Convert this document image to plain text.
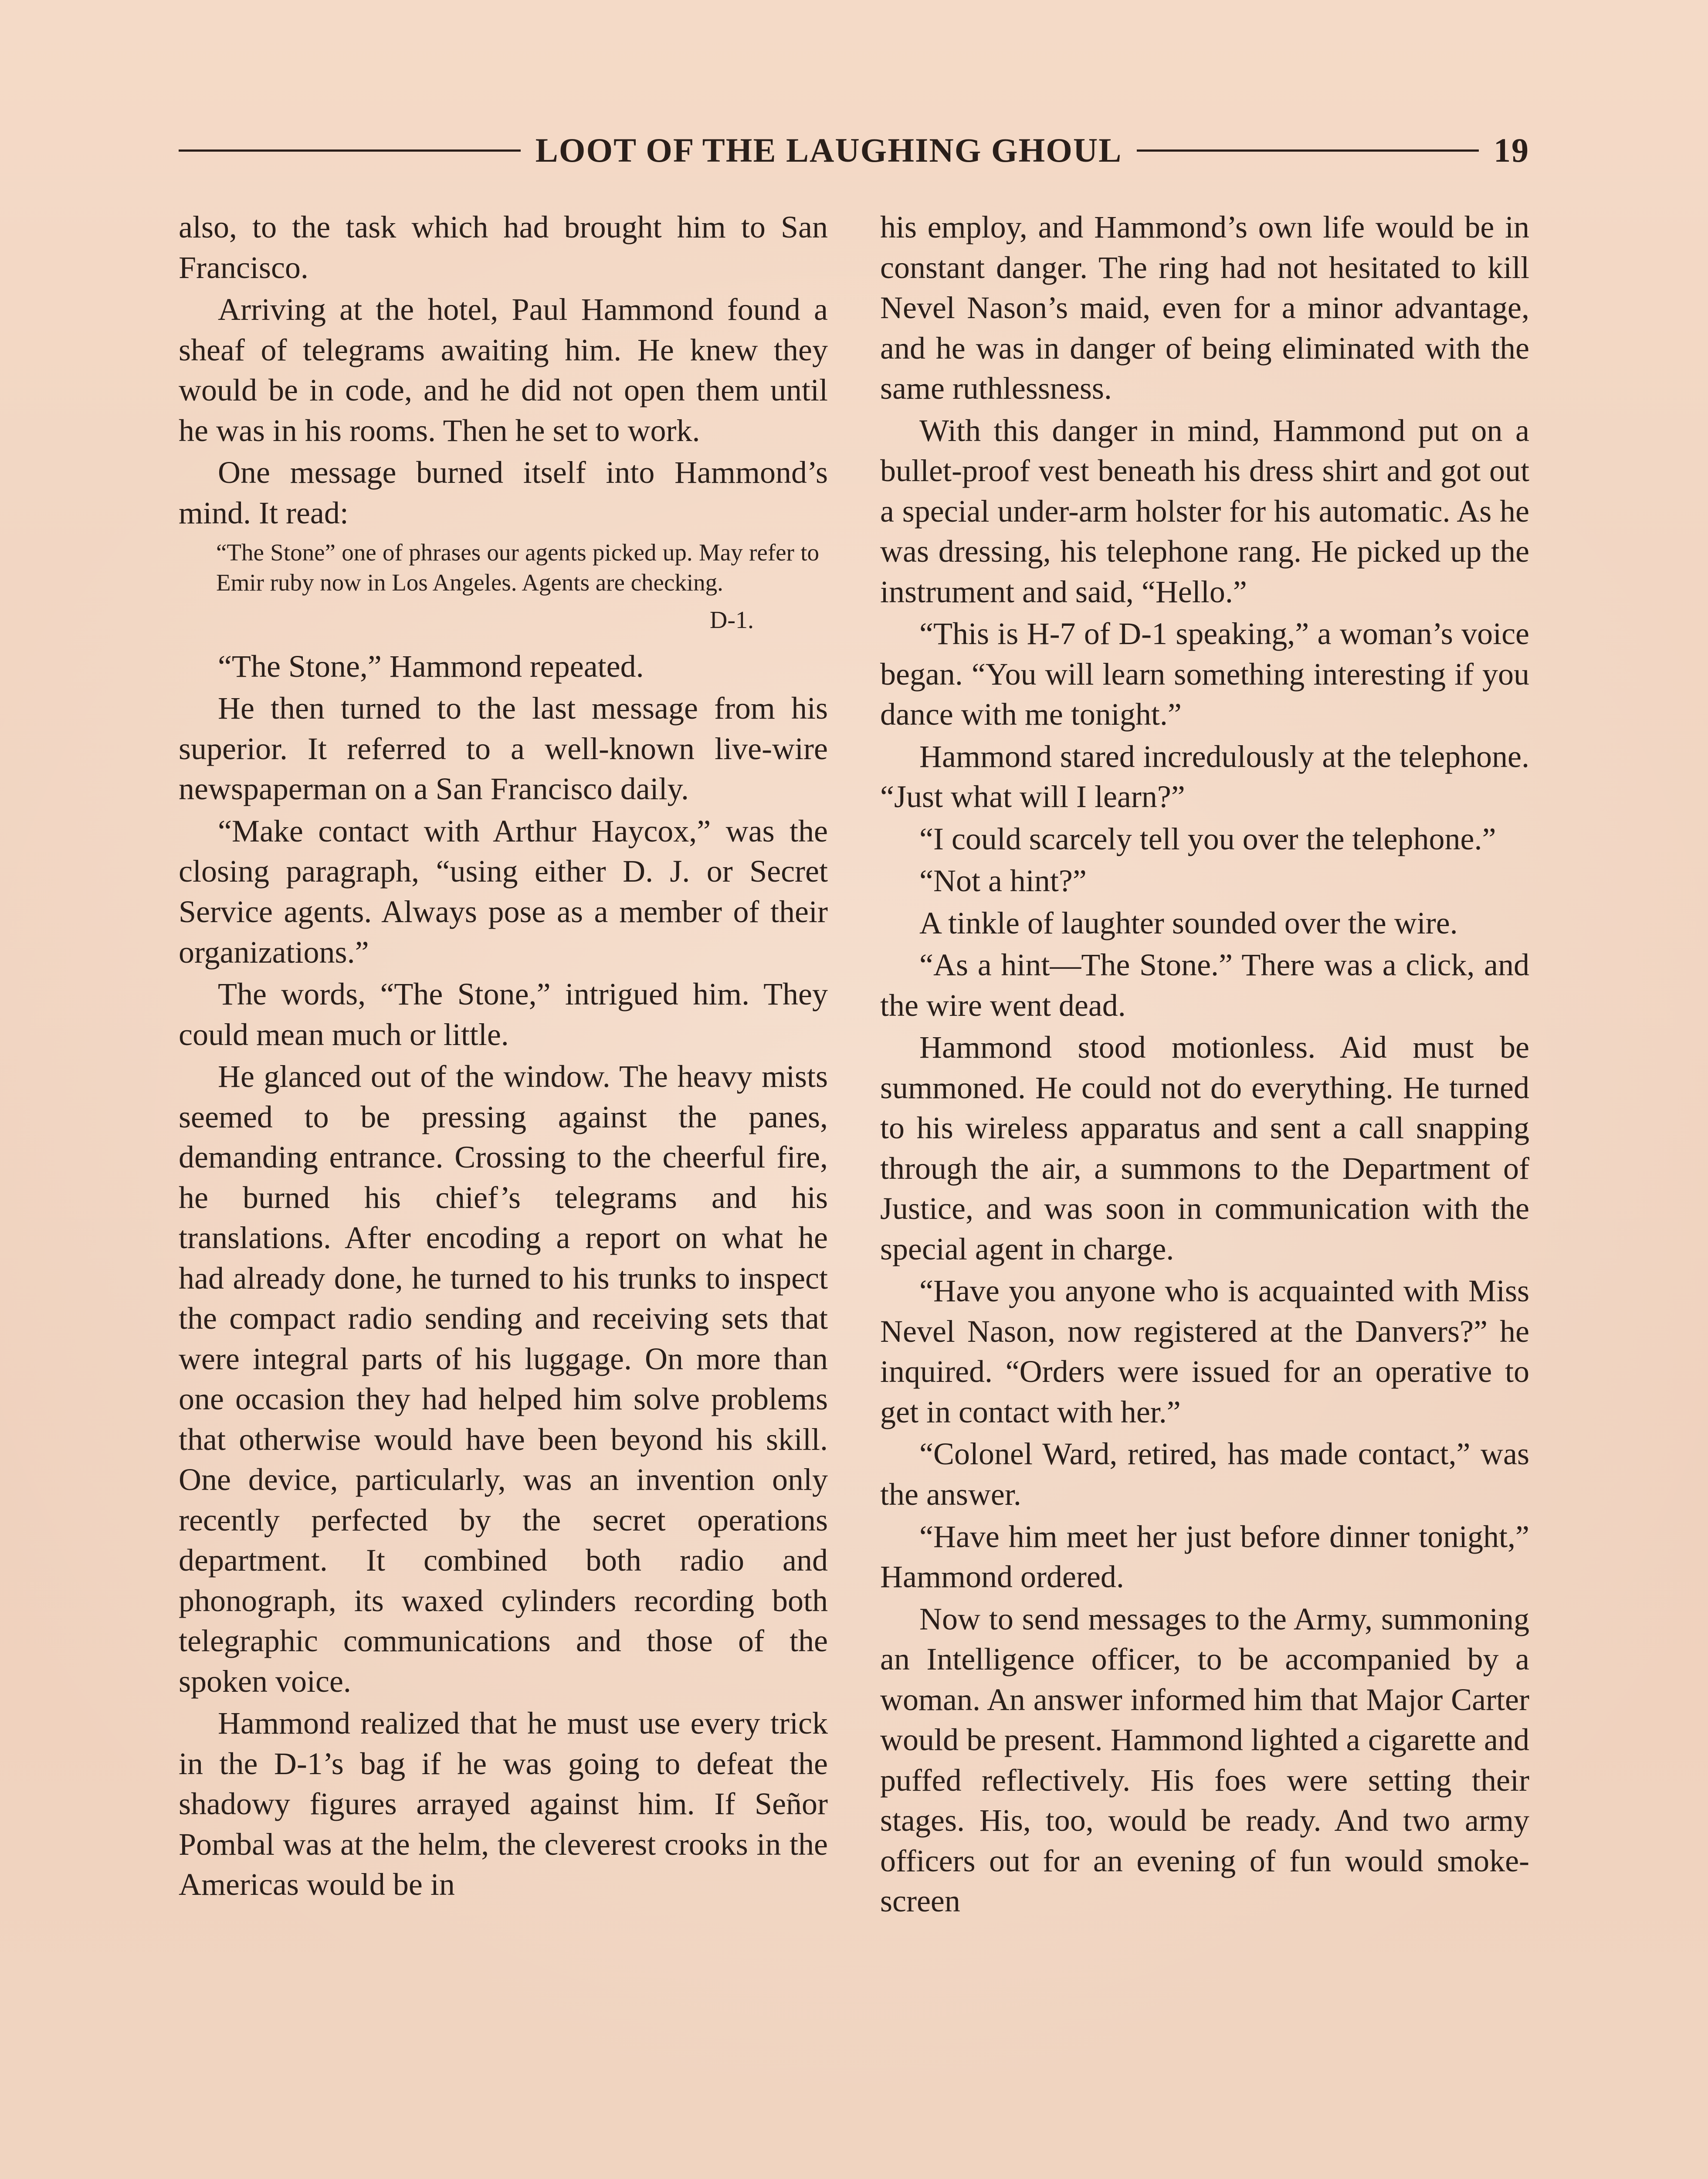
LOOT OF THE LAUGHING GHOUL	19

also, to the task which had brought him to San Francisco.

Arriving at the hotel, Paul Hammond found a sheaf of telegrams awaiting him. He knew they would be in code, and he did not open them until he was in his rooms. Then he set to work.

One message burned itself into Hammond’s mind. It read:

“The Stone” one of phrases our agents picked up. May refer to Emir ruby now in Los Angeles. Agents are checking.

D-1.

“The Stone,” Hammond repeated.

He then turned to the last message from his superior. It referred to a well-known live-wire newspaperman on a San Francisco daily.

“Make contact with Arthur Haycox,” was the closing paragraph, “using either D. J. or Secret Service agents. Always pose as a member of their organizations.”

The words, “The Stone,” intrigued him. They could mean much or little.

He glanced out of the window. The heavy mists seemed to be pressing against the panes, demanding entrance. Crossing to the cheerful fire, he burned his chief’s telegrams and his translations. After encoding a report on what he had already done, he turned to his trunks to inspect the compact radio sending and receiving sets that were integral parts of his luggage. On more than one occasion they had helped him solve problems that otherwise would have been beyond his skill. One device, particularly, was an invention only recently perfected by the secret operations department. It combined both radio and phonograph, its waxed cylinders recording both telegraphic communications and those of the spoken voice.

Hammond realized that he must use every trick in the D-1’s bag if he was going to defeat the shadowy figures arrayed against him. If Señor Pombal was at the helm, the cleverest crooks in the Americas would be in

his employ, and Hammond’s own life would be in constant danger. The ring had not hesitated to kill Nevel Nason’s maid, even for a minor advantage, and he was in danger of being eliminated with the same ruthlessness.

With this danger in mind, Hammond put on a bullet-proof vest beneath his dress shirt and got out a special under-arm holster for his automatic. As he was dressing, his telephone rang. He picked up the instrument and said, “Hello.”

“This is H-7 of D-1 speaking,” a woman’s voice began. “You will learn something interesting if you dance with me tonight.”

Hammond stared incredulously at the telephone. “Just what will I learn?”

“I could scarcely tell you over the telephone.”

“Not a hint?”

A tinkle of laughter sounded over the wire.

“As a hint—The Stone.” There was a click, and the wire went dead.

Hammond stood motionless. Aid must be summoned. He could not do everything. He turned to his wireless apparatus and sent a call snapping through the air, a summons to the Department of Justice, and was soon in communication with the special agent in charge.

“Have you anyone who is acquainted with Miss Nevel Nason, now registered at the Danvers?” he inquired. “Orders were issued for an operative to get in contact with her.”

“Colonel Ward, retired, has made contact,” was the answer.

“Have him meet her just before dinner tonight,” Hammond ordered.

Now to send messages to the Army, summoning an Intelligence officer, to be accompanied by a woman. An answer informed him that Major Carter would be present. Hammond lighted a cigarette and puffed reflectively. His foes were setting their stages. His, too, would be ready. And two army officers out for an evening of fun would smoke-screen
